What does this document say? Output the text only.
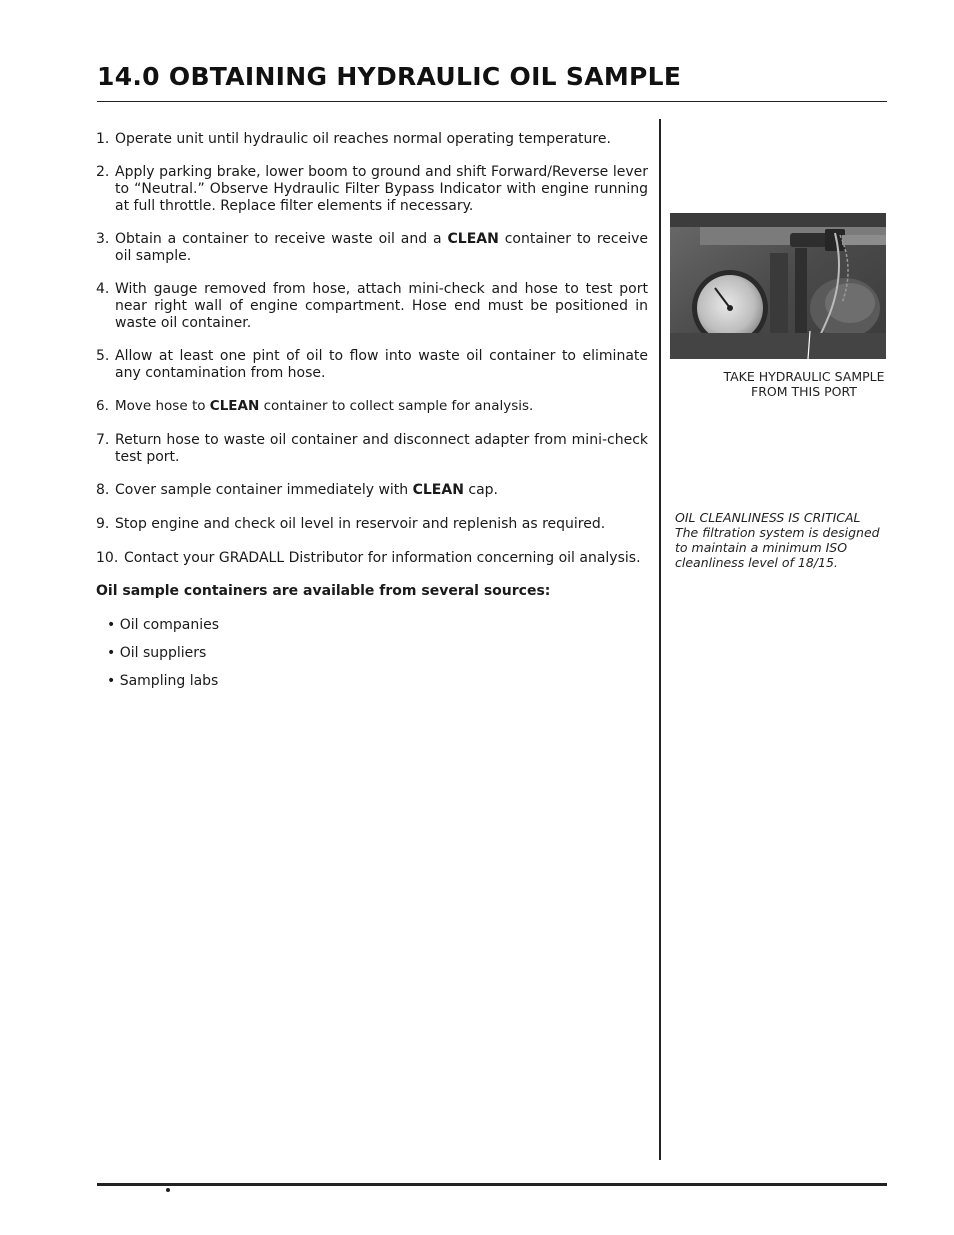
14.0 OBTAINING HYDRAULIC OIL SAMPLE

1. Operate unit until hydraulic oil reaches normal operating temperature.

2. Apply parking brake, lower boom to ground and shift Forward/Reverse lever to “Neutral.” Observe Hydraulic Filter Bypass Indicator with engine running at full throttle. Replace filter elements if necessary.

3. Obtain a container to receive waste oil and a CLEAN container to receive oil sample.

4. With gauge removed from hose, attach mini-check and hose to test port near right wall of engine compartment. Hose end must be positioned in waste oil container.

5. Allow at least one pint of oil to flow into waste oil container to eliminate any contamination from hose.

6. Move hose to CLEAN container to collect sample for analysis.

7. Return hose to waste oil container and disconnect adapter from mini-check test port.

8. Cover sample container immediately with CLEAN cap.

9. Stop engine and check oil level in reservoir and replenish as required.

10. Contact your GRADALL Distributor for information concerning oil analysis.

Oil sample containers are available from several sources:

• Oil companies
• Oil suppliers
• Sampling labs
TAKE HYDRAULIC SAMPLE
FROM THIS PORT
OIL CLEANLINESS IS CRITICAL
The filtration system is designed
to maintain a minimum ISO
cleanliness level of 18/15.
